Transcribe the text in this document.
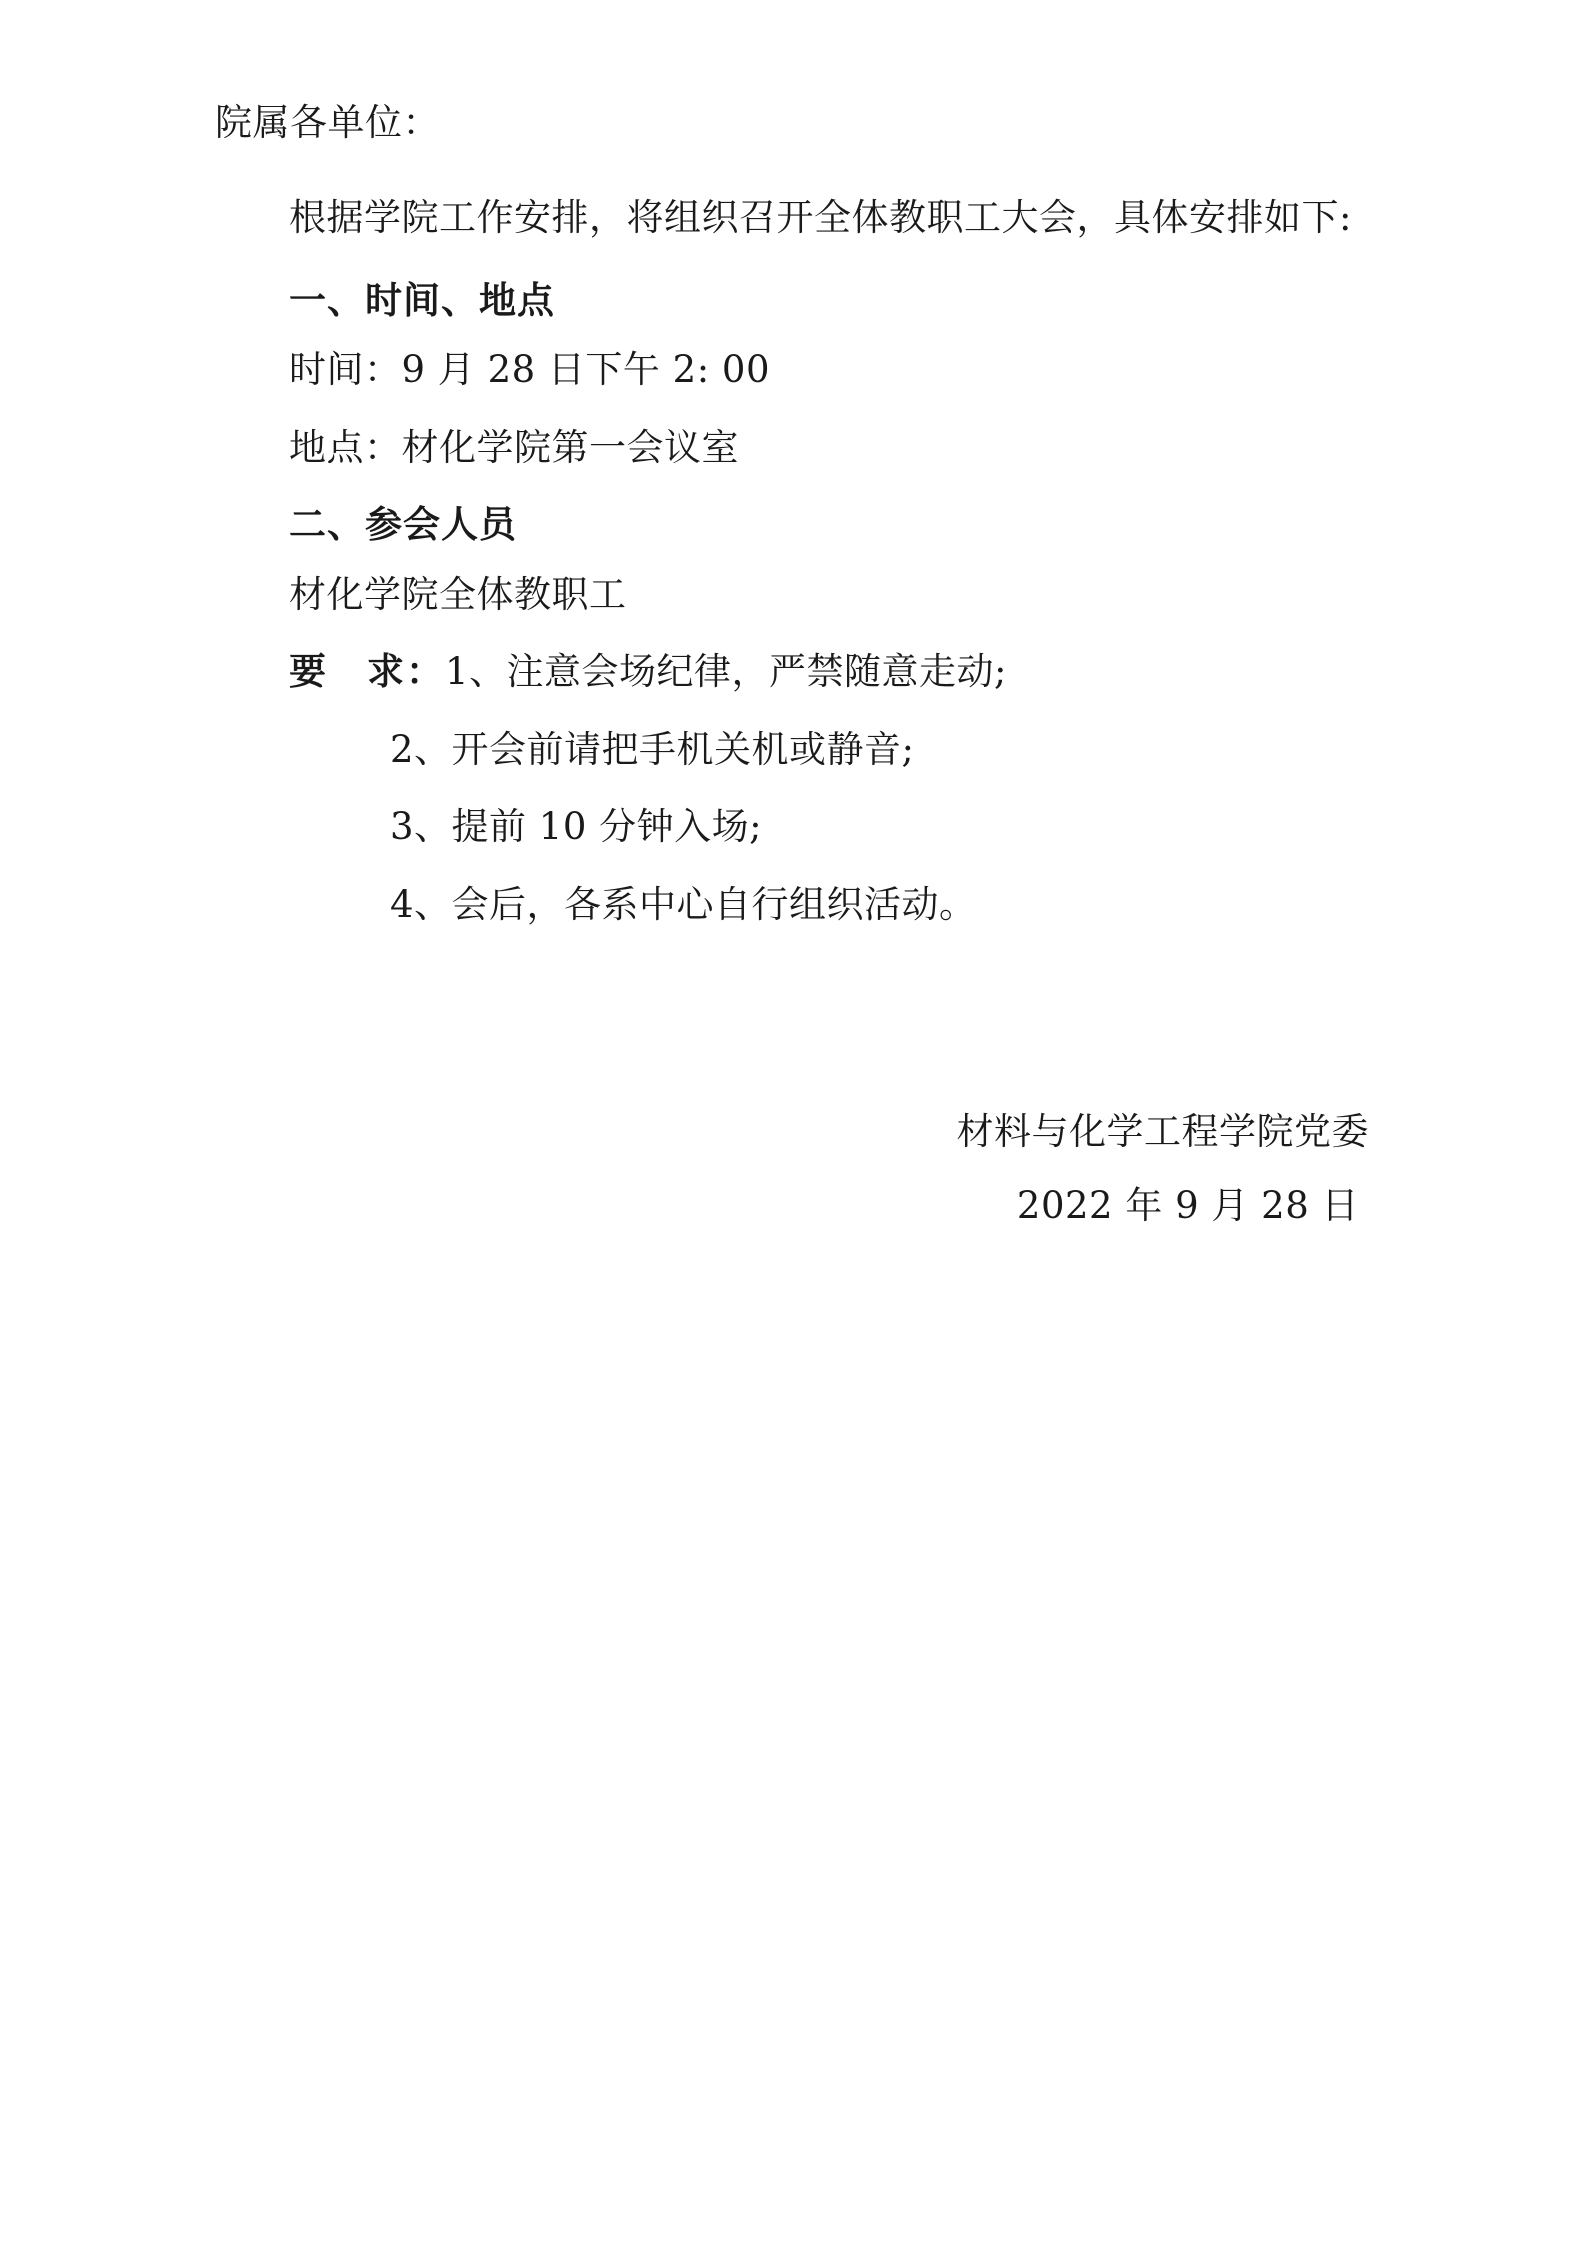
院属各单位：

根据学院工作安排，将组织召开全体教职工大会，具体安排如下:

一、时间、地点

时间：9 月 28 日下午 2: 00

地点：材化学院第一会议室

二、参会人员

材化学院全体教职工

要　求：1、注意会场纪律，严禁随意走动;

2、开会前请把手机关机或静音;

3、提前 10 分钟入场;

4、会后，各系中心自行组织活动。

材料与化学工程学院党委

2022 年 9 月 28 日
